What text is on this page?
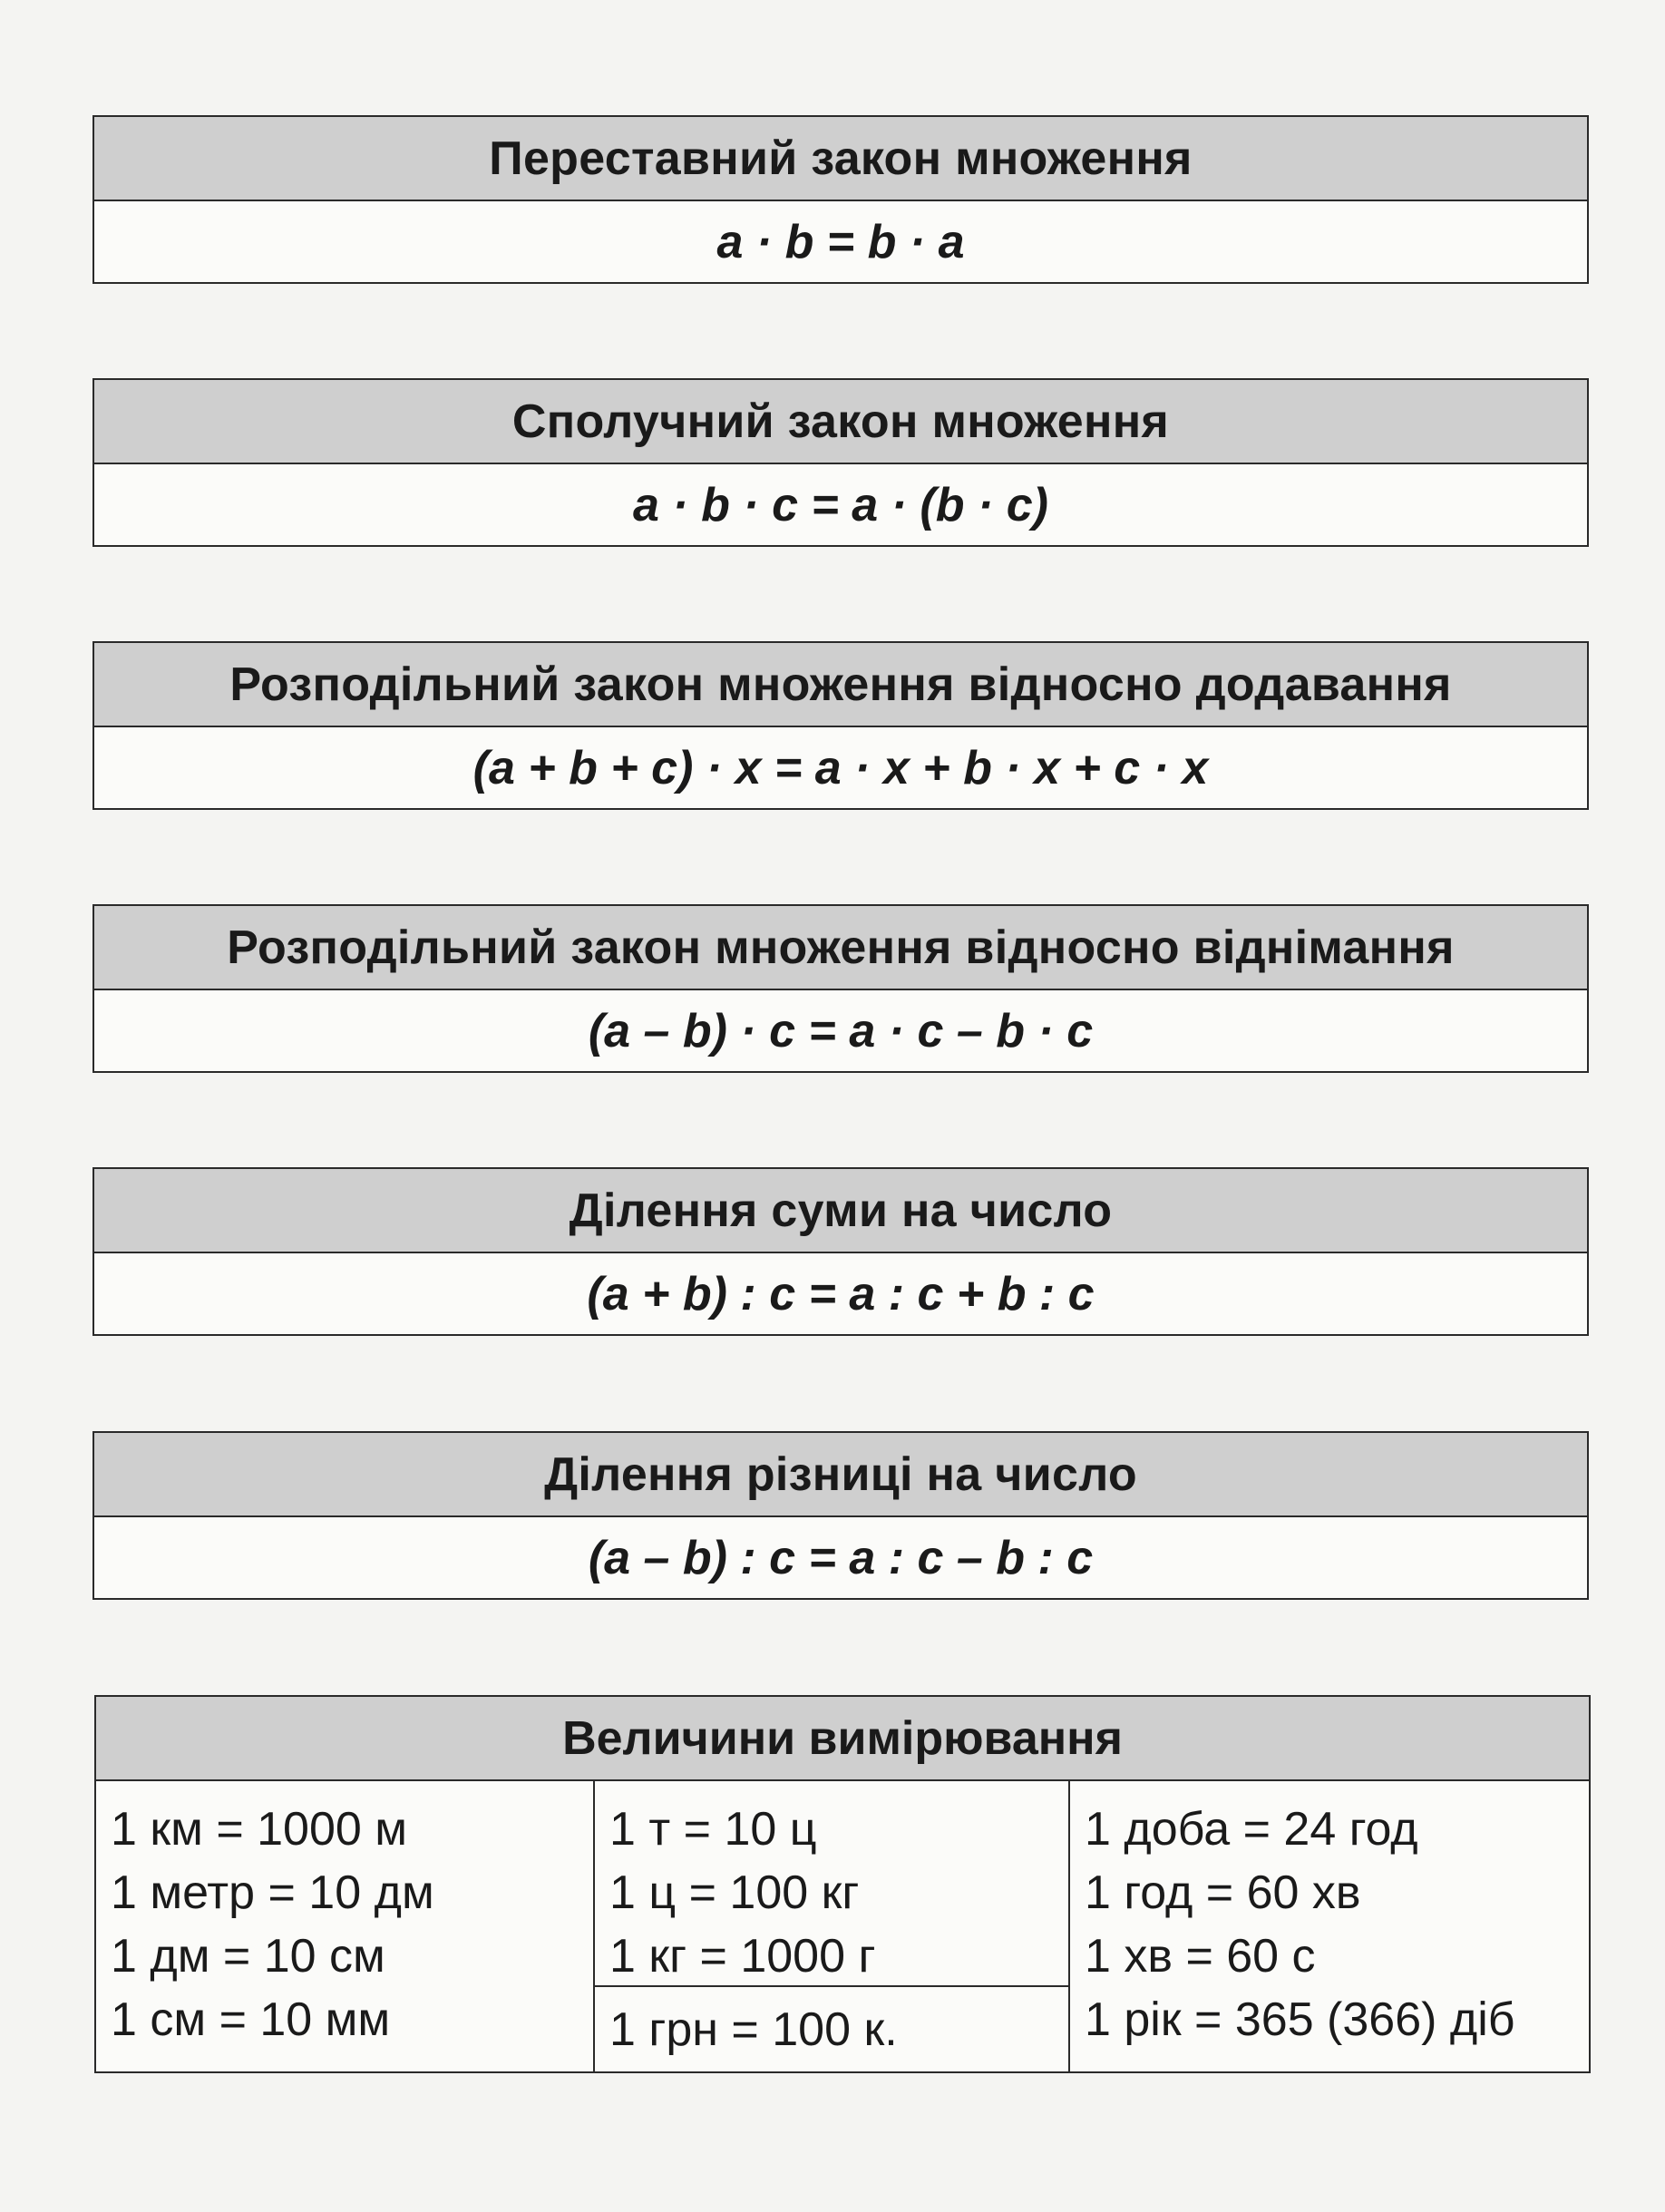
Переставний закон множення
a · b = b · a
Сполучний закон множення
a · b · c = a · (b · c)
Розподільний закон множення відносно додавання
(a + b + c) · x = a · x + b · x + c · x
Розподільний закон множення відносно віднімання
(a – b) · c = a · c – b · c
Ділення суми на число
(a + b) : c = a : c + b : c
Ділення різниці на число
(a – b) : c = a : c – b : c
Величини вимірювання
1 км = 1000 м
1 метр = 10 дм
1 дм = 10 см
1 см = 10 мм
1 т = 10 ц
1 ц = 100 кг
1 кг = 1000 г
1 грн = 100 к.
1 доба = 24 год
1 год = 60 хв
1 хв = 60 с
1 рік = 365 (366) діб
